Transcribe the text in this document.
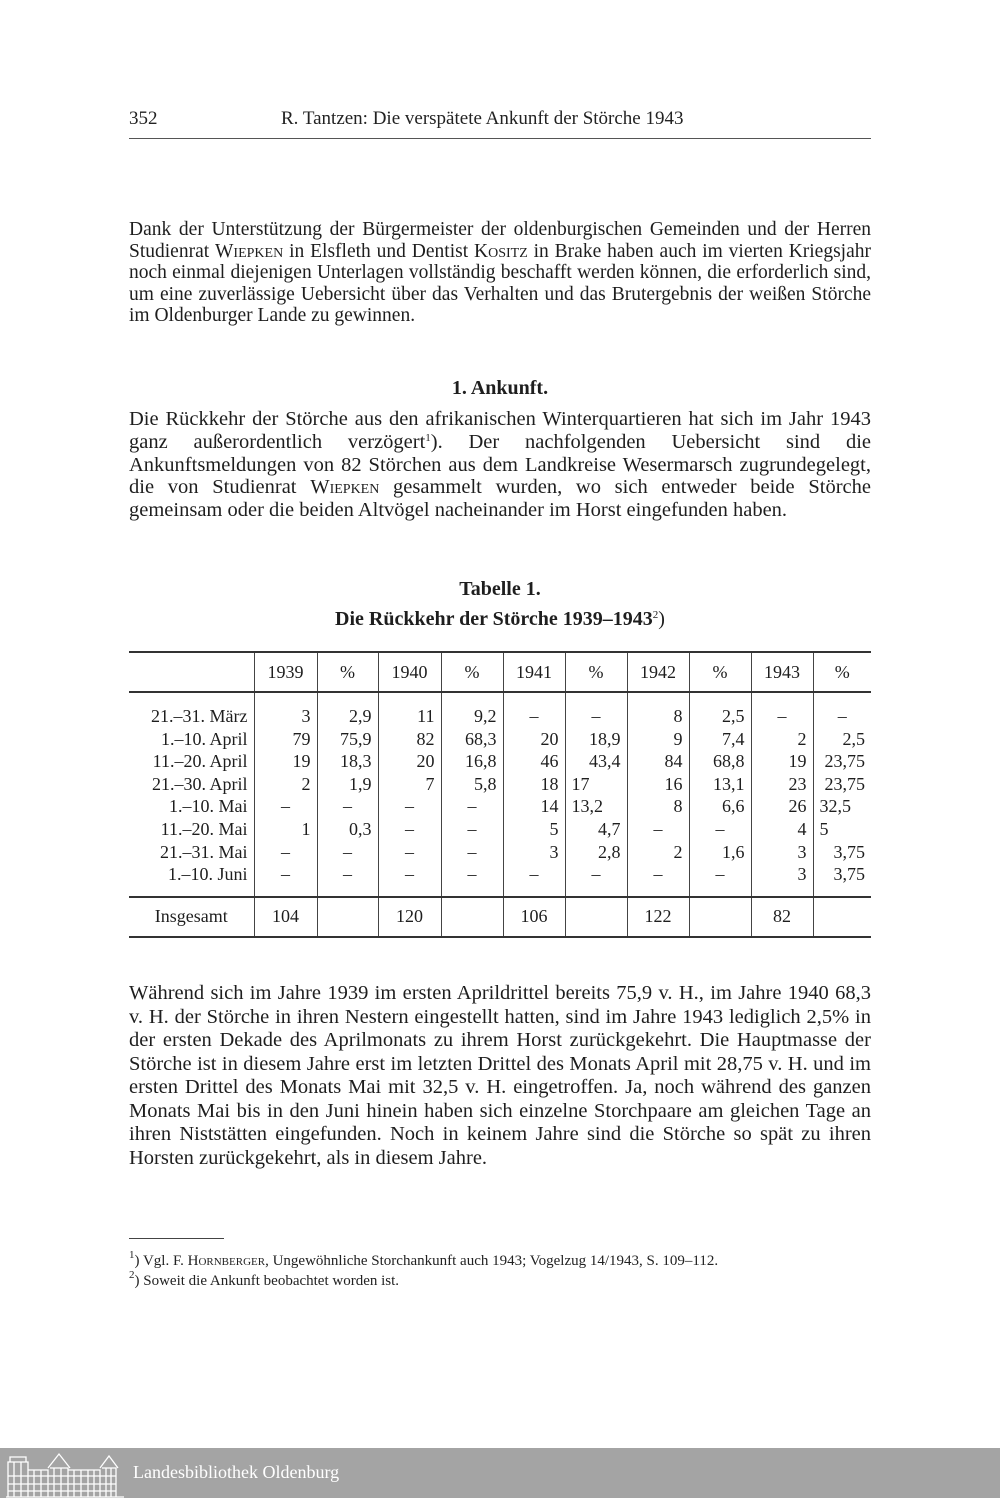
352	R. Tantzen: Die verspätete Ankunft der Störche 1943

Dank der Unterstützung der Bürgermeister der oldenburgischen Gemeinden und der Herren Studienrat Wiepken in Elsfleth und Dentist Kositz in Brake haben auch im vierten Kriegsjahr noch einmal diejenigen Unterlagen vollständig beschafft werden können, die erforderlich sind, um eine zuverlässige Uebersicht über das Verhalten und das Brutergebnis der weißen Störche im Oldenburger Lande zu gewinnen.

1. Ankunft.

Die Rückkehr der Störche aus den afrikanischen Winterquartieren hat sich im Jahr 1943 ganz außerordentlich verzögert$^1$). Der nachfolgenden Uebersicht sind die Ankunftsmeldungen von 82 Störchen aus dem Landkreise Wesermarsch zugrundegelegt, die von Studienrat Wiepken gesammelt wurden, wo sich entweder beide Störche gemeinsam oder die beiden Altvögel nacheinander im Horst eingefunden haben.

Tabelle 1.
Die Rückkehr der Störche 1939–1943$^2$)
	1939	%	1940	%	1941	%	1942	%	1943	%
21.–31. März	3	2,9	11	9,2	–	–	8	2,5	–	–
1.–10. April	79	75,9	82	68,3	20	18,9	9	7,4	2	2,5
11.–20. April	19	18,3	20	16,8	46	43,4	84	68,8	19	23,75
21.–30. April	2	1,9	7	5,8	18	17	16	13,1	23	23,75
1.–10. Mai	–	–	–	–	14	13,2	8	6,6	26	32,5
11.–20. Mai	1	0,3	–	–	5	4,7	–	–	4	5
21.–31. Mai	–	–	–	–	3	2,8	2	1,6	3	3,75
1.–10. Juni	–	–	–	–	–	–	–	–	3	3,75
Insgesamt	104		120		106		122		82	

Während sich im Jahre 1939 im ersten Aprildrittel bereits 75,9 v. H., im Jahre 1940 68,3 v. H. der Störche in ihren Nestern eingestellt hatten, sind im Jahre 1943 lediglich 2,5% in der ersten Dekade des Aprilmonats zu ihrem Horst zurückgekehrt. Die Hauptmasse der Störche ist in diesem Jahre erst im letzten Drittel des Monats April mit 28,75 v. H. und im ersten Drittel des Monats Mai mit 32,5 v. H. eingetroffen. Ja, noch während des ganzen Monats Mai bis in den Juni hinein haben sich einzelne Storchpaare am gleichen Tage an ihren Niststätten eingefunden. Noch in keinem Jahre sind die Störche so spät zu ihren Horsten zurückgekehrt, als in diesem Jahre.

$^1$) Vgl. F. Hornberger, Ungewöhnliche Storchankunft auch 1943; Vogelzug 14/1943, S. 109–112.
$^2$) Soweit die Ankunft beobachtet worden ist.
Landesbibliothek Oldenburg
